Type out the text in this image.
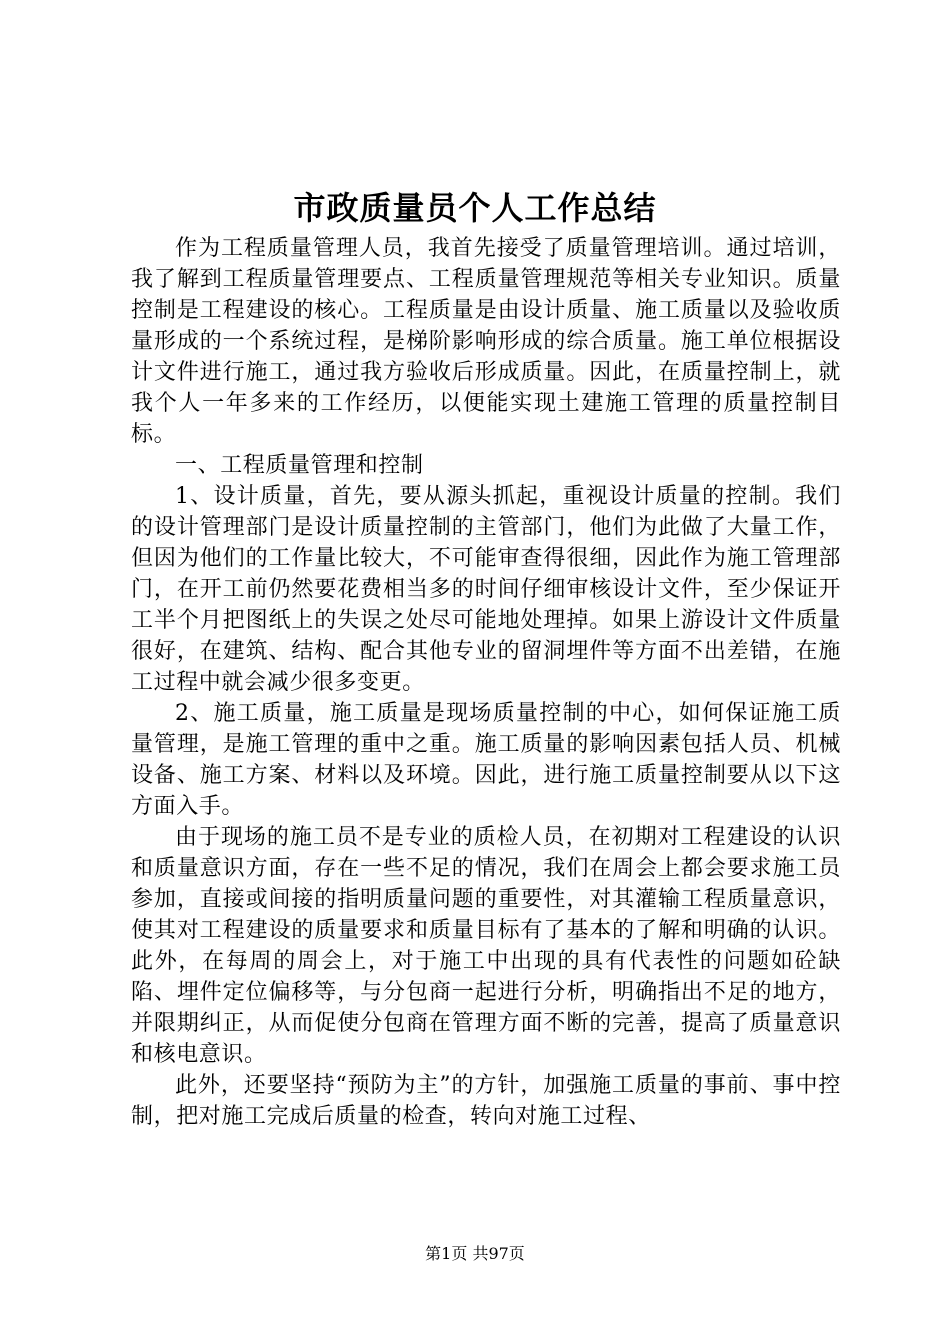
市政质量员个人工作总结

作为工程质量管理人员，我首先接受了质量管理培训。通过培训，我了解到工程质量管理要点、工程质量管理规范等相关专业知识。质量控制是工程建设的核心。工程质量是由设计质量、施工质量以及验收质量形成的一个系统过程，是梯阶影响形成的综合质量。施工单位根据设计文件进行施工，通过我方验收后形成质量。因此，在质量控制上，就我个人一年多来的工作经历，以便能实现土建施工管理的质量控制目标。

一、工程质量管理和控制

1、设计质量，首先，要从源头抓起，重视设计质量的控制。我们的设计管理部门是设计质量控制的主管部门，他们为此做了大量工作，但因为他们的工作量比较大，不可能审查得很细，因此作为施工管理部门，在开工前仍然要花费相当多的时间仔细审核设计文件，至少保证开工半个月把图纸上的失误之处尽可能地处理掉。如果上游设计文件质量很好，在建筑、结构、配合其他专业的留洞埋件等方面不出差错，在施工过程中就会减少很多变更。

2、施工质量，施工质量是现场质量控制的中心，如何保证施工质量管理，是施工管理的重中之重。施工质量的影响因素包括人员、机械设备、施工方案、材料以及环境。因此，进行施工质量控制要从以下这方面入手。

由于现场的施工员不是专业的质检人员，在初期对工程建设的认识和质量意识方面，存在一些不足的情况，我们在周会上都会要求施工员参加，直接或间接的指明质量问题的重要性，对其灌输工程质量意识，使其对工程建设的质量要求和质量目标有了基本的了解和明确的认识。此外，在每周的周会上，对于施工中出现的具有代表性的问题如砼缺陷、埋件定位偏移等，与分包商一起进行分析，明确指出不足的地方，并限期纠正，从而促使分包商在管理方面不断的完善，提高了质量意识和核电意识。

此外，还要坚持“预防为主”的方针，加强施工质量的事前、事中控制，把对施工完成后质量的检查，转向对施工过程、

第1页 共97页
